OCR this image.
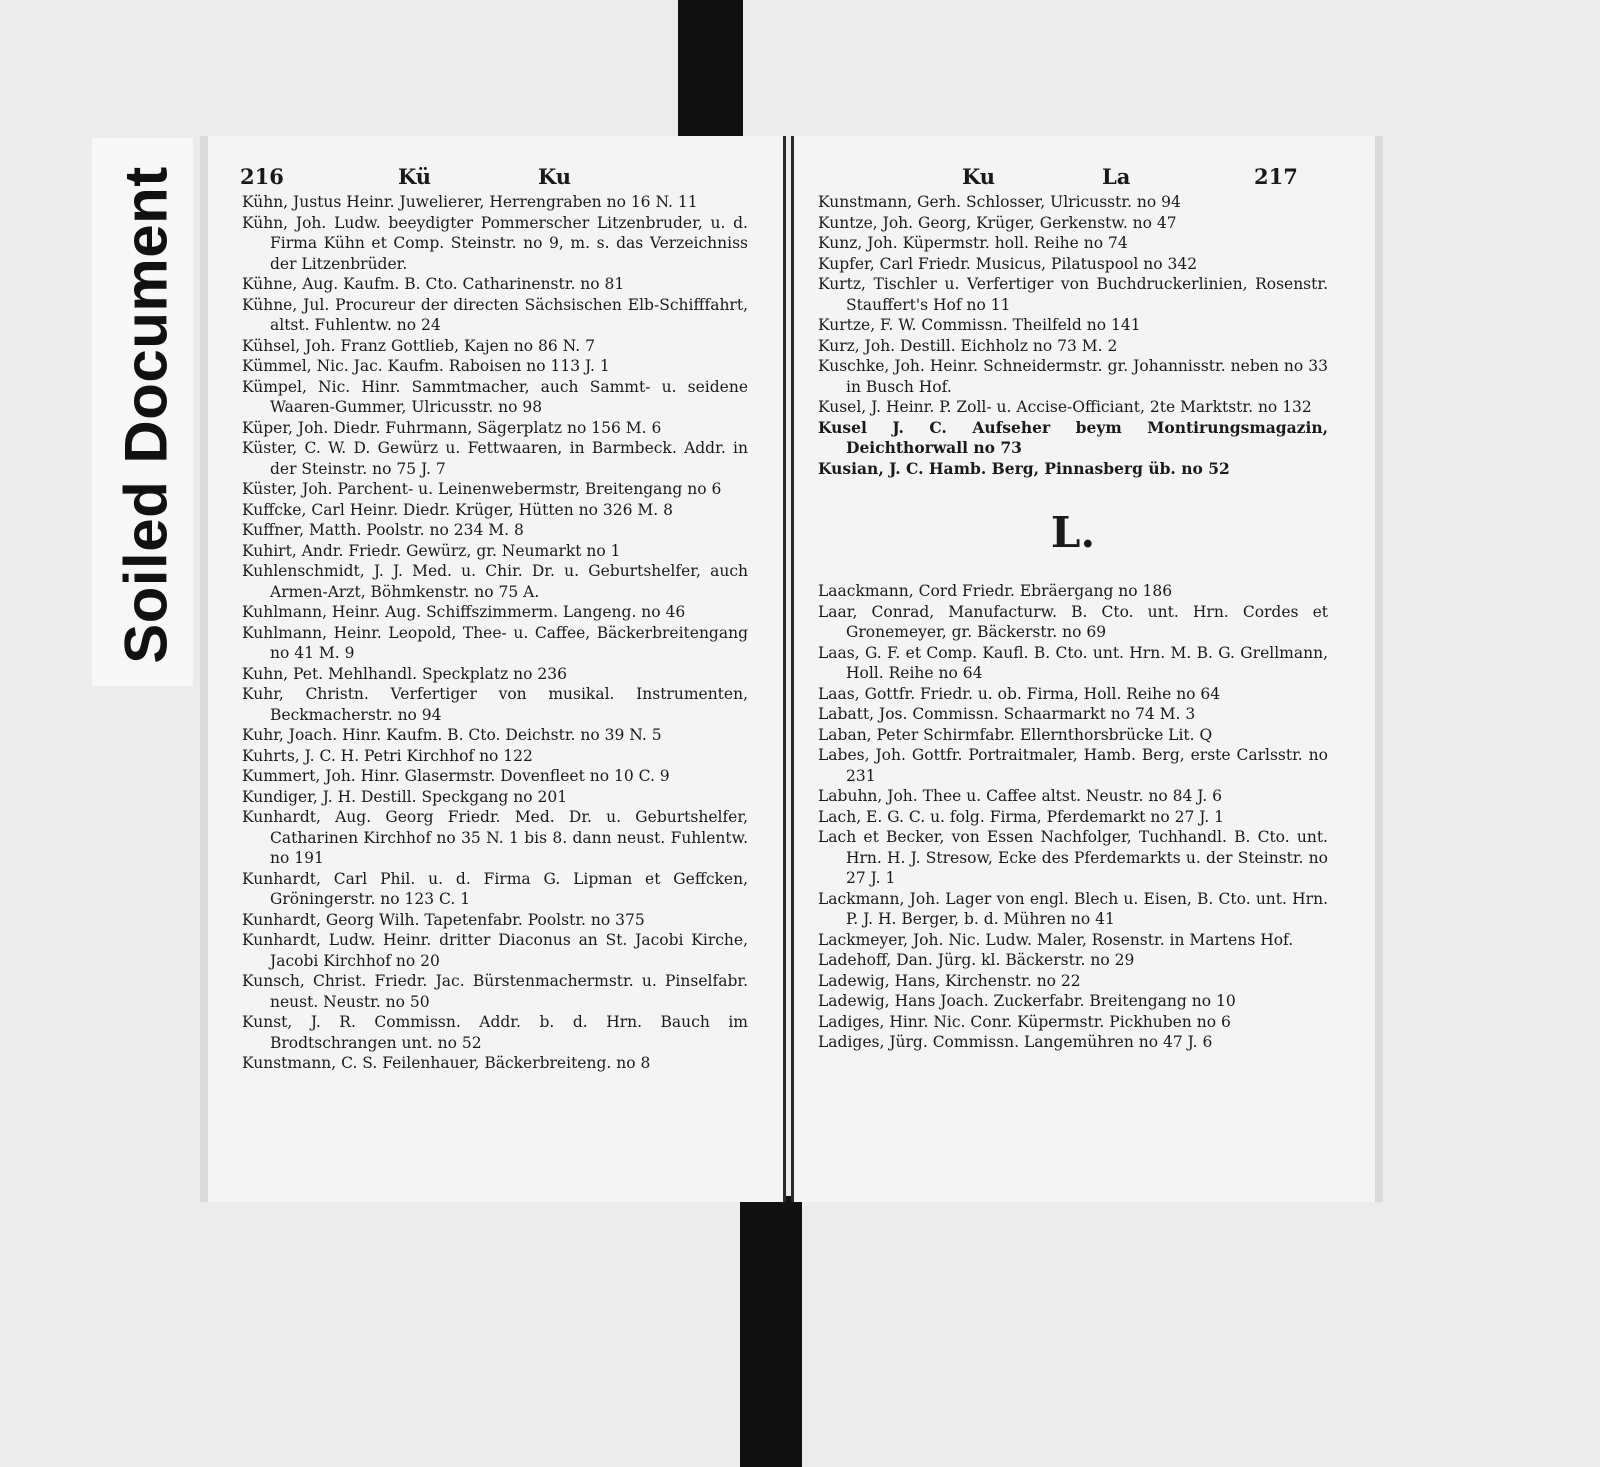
Soiled Document	216	Kü	Ku
Kühn, Justus Heinr. Juwelierer, Herrengraben no 16 N. 11
Kühn, Joh. Ludw. beeydigter Pommerscher Litzenbruder, u. d. Firma Kühn et Comp. Steinstr. no 9, m. s. das Verzeichniss der Litzenbrüder.
Kühne, Aug. Kaufm. B. Cto. Catharinenstr. no 81
Kühne, Jul. Procureur der directen Sächsischen Elb-Schifffahrt, altst. Fuhlentw. no 24
Kühsel, Joh. Franz Gottlieb, Kajen no 86 N. 7
Kümmel, Nic. Jac. Kaufm. Raboisen no 113 J. 1
Kümpel, Nic. Hinr. Sammtmacher, auch Sammt- u. seidene Waaren-Gummer, Ulricusstr. no 98
Küper, Joh. Diedr. Fuhrmann, Sägerplatz no 156 M. 6
Küster, C. W. D. Gewürz u. Fettwaaren, in Barmbeck. Addr. in der Steinstr. no 75 J. 7
Küster, Joh. Parchent- u. Leinenwebermstr, Breitengang no 6
Kuffcke, Carl Heinr. Diedr. Krüger, Hütten no 326 M. 8
Kuffner, Matth. Poolstr. no 234 M. 8
Kuhirt, Andr. Friedr. Gewürz, gr. Neumarkt no 1
Kuhlenschmidt, J. J. Med. u. Chir. Dr. u. Geburtshelfer, auch Armen-Arzt, Böhmkenstr. no 75 A.
Kuhlmann, Heinr. Aug. Schiffszimmerm. Langeng. no 46
Kuhlmann, Heinr. Leopold, Thee- u. Caffee, Bäckerbreitengang no 41 M. 9
Kuhn, Pet. Mehlhandl. Speckplatz no 236
Kuhr, Christn. Verfertiger von musikal. Instrumenten, Beckmacherstr. no 94
Kuhr, Joach. Hinr. Kaufm. B. Cto. Deichstr. no 39 N. 5
Kuhrts, J. C. H. Petri Kirchhof no 122
Kummert, Joh. Hinr. Glasermstr. Dovenfleet no 10 C. 9
Kundiger, J. H. Destill. Speckgang no 201
Kunhardt, Aug. Georg Friedr. Med. Dr. u. Geburtshelfer, Catharinen Kirchhof no 35 N. 1 bis 8. dann neust. Fuhlentw. no 191
Kunhardt, Carl Phil. u. d. Firma G. Lipman et Geffcken, Gröningerstr. no 123 C. 1
Kunhardt, Georg Wilh. Tapetenfabr. Poolstr. no 375
Kunhardt, Ludw. Heinr. dritter Diaconus an St. Jacobi Kirche, Jacobi Kirchhof no 20
Kunsch, Christ. Friedr. Jac. Bürstenmachermstr. u. Pinselfabr. neust. Neustr. no 50
Kunst, J. R. Commissn. Addr. b. d. Hrn. Bauch im Brodtschrangen unt. no 52
Kunstmann, C. S. Feilenhauer, Bäckerbreiteng. no 8
Ku	La	217
Kunstmann, Gerh. Schlosser, Ulricusstr. no 94
Kuntze, Joh. Georg, Krüger, Gerkenstw. no 47
Kunz, Joh. Küpermstr. holl. Reihe no 74
Kupfer, Carl Friedr. Musicus, Pilatuspool no 342
Kurtz, Tischler u. Verfertiger von Buchdruckerlinien, Rosenstr. Stauffert's Hof no 11
Kurtze, F. W. Commissn. Theilfeld no 141
Kurz, Joh. Destill. Eichholz no 73 M. 2
Kuschke, Joh. Heinr. Schneidermstr. gr. Johannisstr. neben no 33 in Busch Hof.
Kusel, J. Heinr. P. Zoll- u. Accise-Officiant, 2te Marktstr. no 132
Kusel J. C. Aufseher beym Montirungsmagazin, Deichthorwall no 73
Kusian, J. C. Hamb. Berg, Pinnasberg üb. no 52
L.
Laackmann, Cord Friedr. Ebräergang no 186
Laar, Conrad, Manufacturw. B. Cto. unt. Hrn. Cordes et Gronemeyer, gr. Bäckerstr. no 69
Laas, G. F. et Comp. Kaufl. B. Cto. unt. Hrn. M. B. G. Grellmann, Holl. Reihe no 64
Laas, Gottfr. Friedr. u. ob. Firma, Holl. Reihe no 64
Labatt, Jos. Commissn. Schaarmarkt no 74 M. 3
Laban, Peter Schirmfabr. Ellernthorsbrücke Lit. Q
Labes, Joh. Gottfr. Portraitmaler, Hamb. Berg, erste Carlsstr. no 231
Labuhn, Joh. Thee u. Caffee altst. Neustr. no 84 J. 6
Lach, E. G. C. u. folg. Firma, Pferdemarkt no 27 J. 1
Lach et Becker, von Essen Nachfolger, Tuchhandl. B. Cto. unt. Hrn. H. J. Stresow, Ecke des Pferdemarkts u. der Steinstr. no 27 J. 1
Lackmann, Joh. Lager von engl. Blech u. Eisen, B. Cto. unt. Hrn. P. J. H. Berger, b. d. Mühren no 41
Lackmeyer, Joh. Nic. Ludw. Maler, Rosenstr. in Martens Hof.
Ladehoff, Dan. Jürg. kl. Bäckerstr. no 29
Ladewig, Hans, Kirchenstr. no 22
Ladewig, Hans Joach. Zuckerfabr. Breitengang no 10
Ladiges, Hinr. Nic. Conr. Küpermstr. Pickhuben no 6
Ladiges, Jürg. Commissn. Langemühren no 47 J. 6
